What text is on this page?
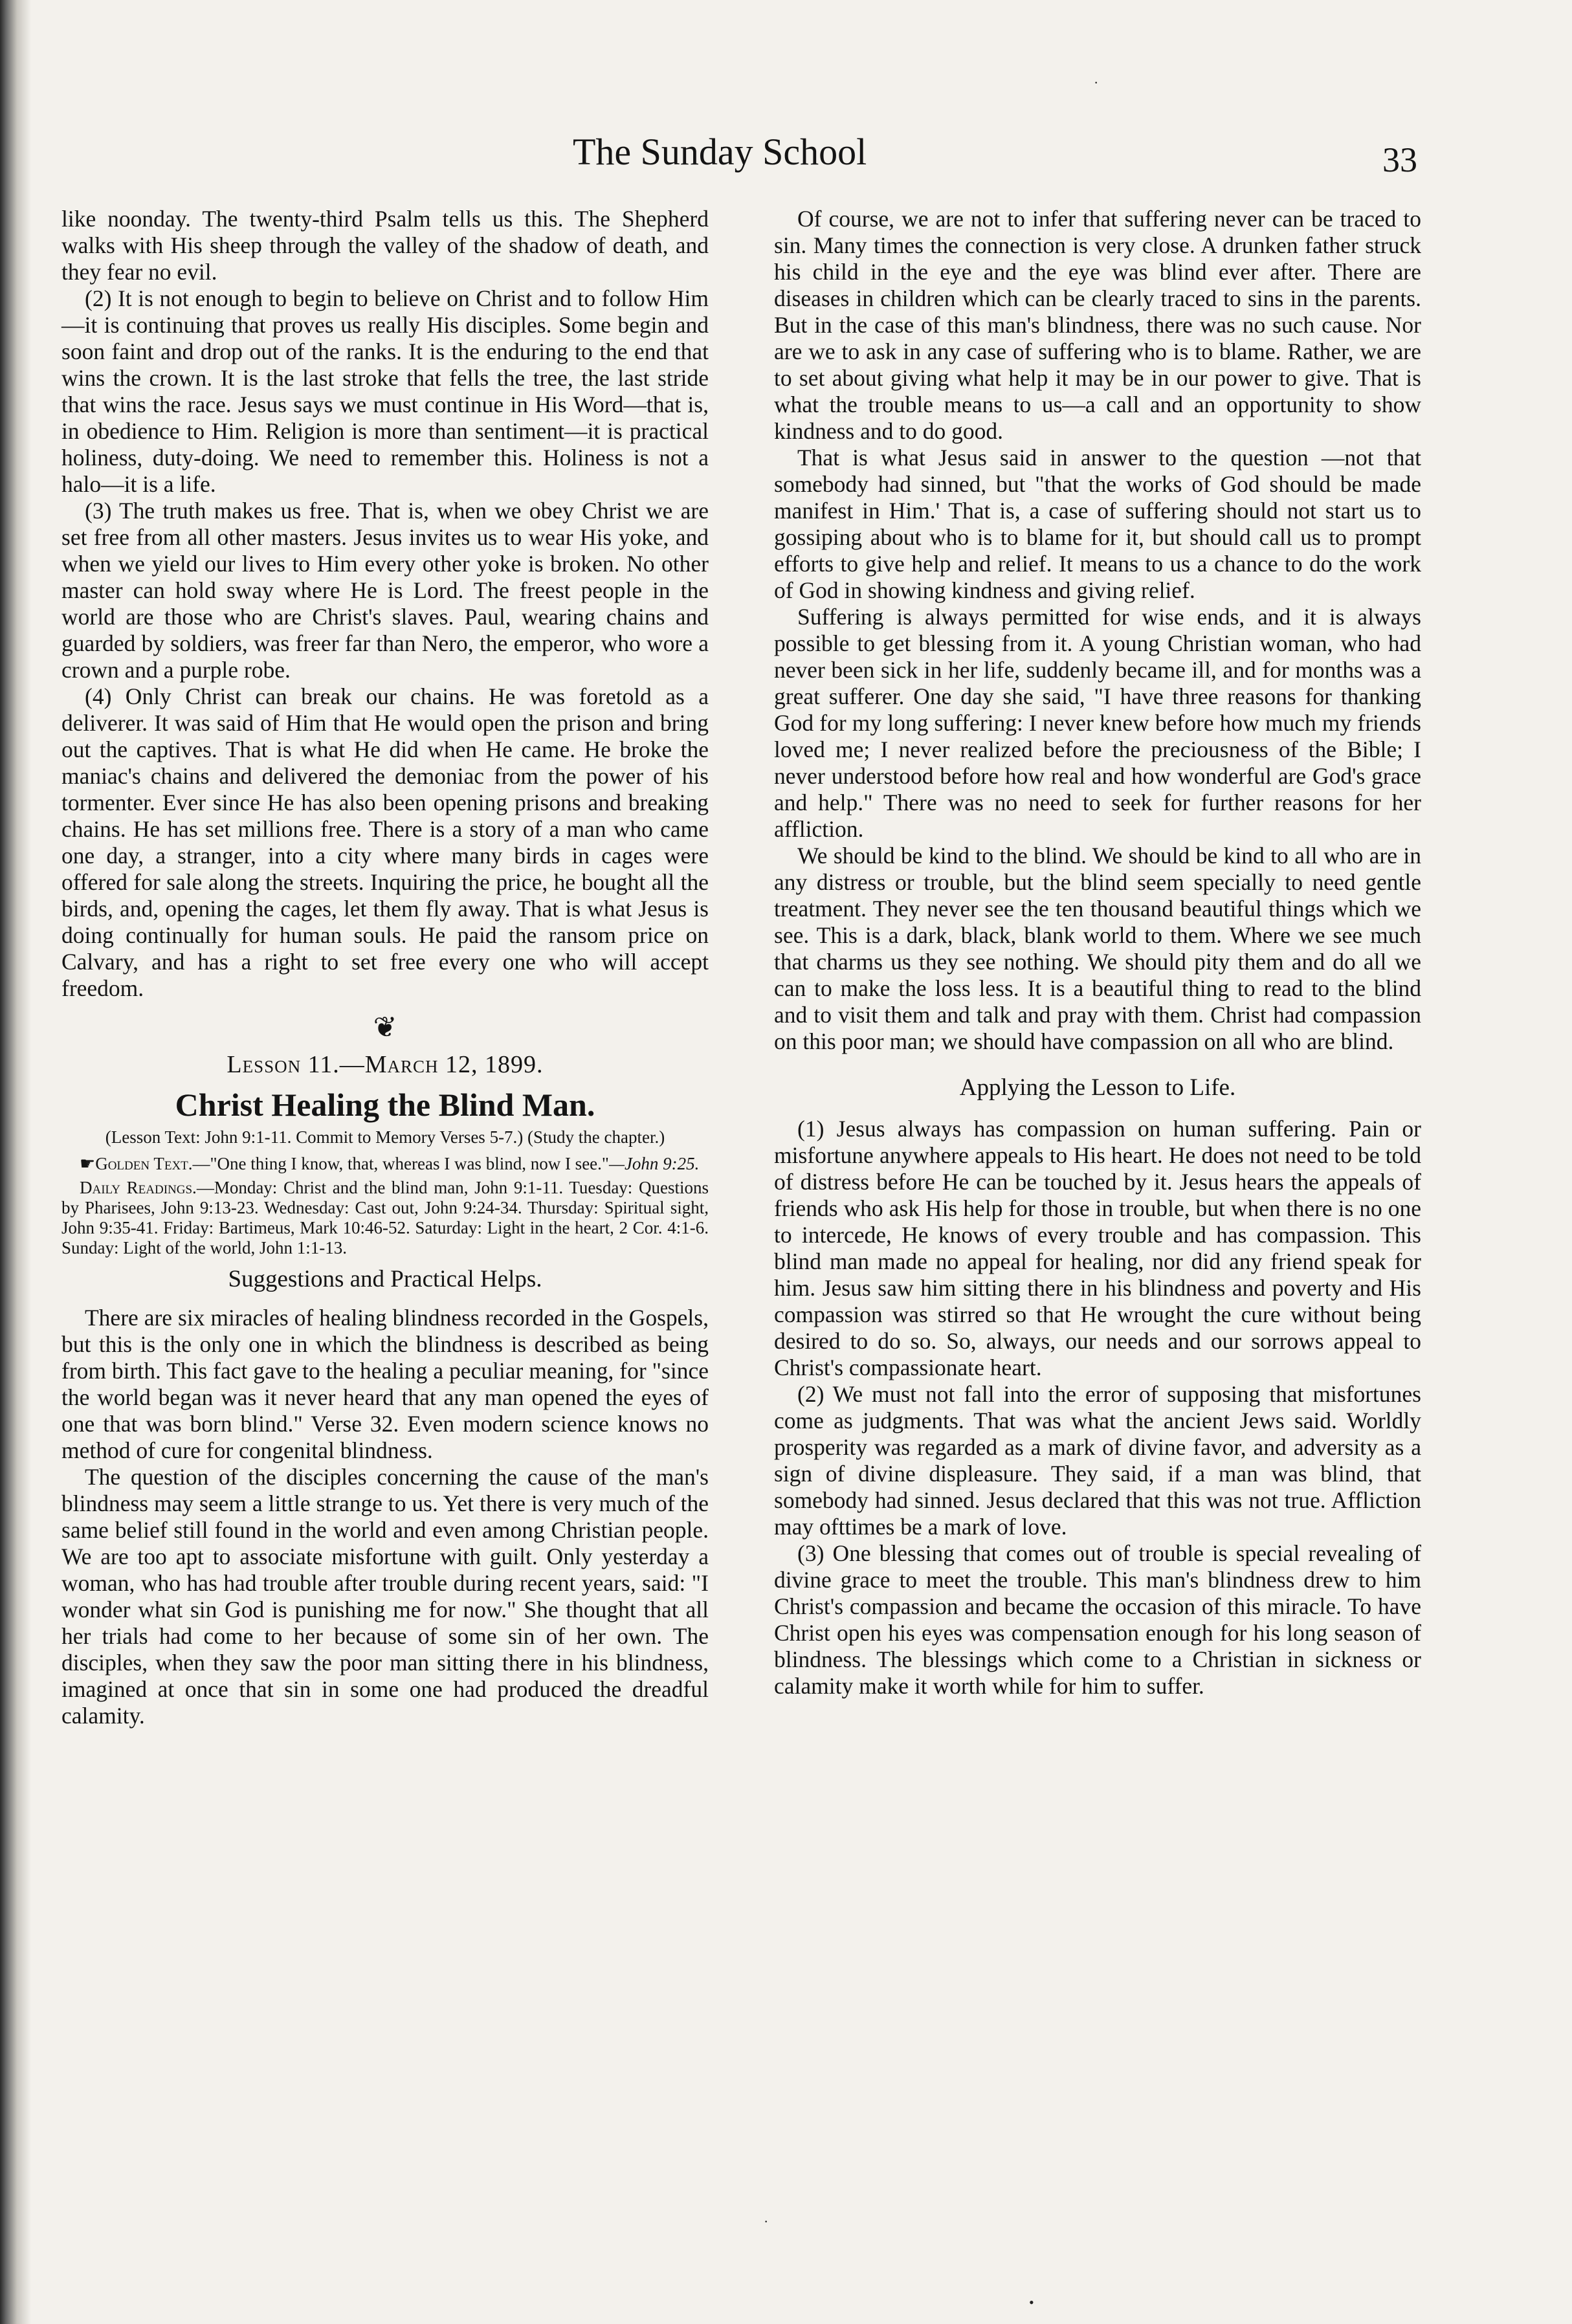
·
•
·
The Sunday School	33

like noonday. The twenty-third Psalm tells us this. The Shepherd walks with His sheep through the valley of the shadow of death, and they fear no evil.

(2) It is not enough to begin to believe on Christ and to follow Him—it is continuing that proves us really His disciples. Some begin and soon faint and drop out of the ranks. It is the enduring to the end that wins the crown. It is the last stroke that fells the tree, the last stride that wins the race. Jesus says we must continue in His Word—that is, in obedience to Him. Religion is more than sentiment—it is practical holiness, duty-doing. We need to remember this. Holiness is not a halo—it is a life.

(3) The truth makes us free. That is, when we obey Christ we are set free from all other masters. Jesus invites us to wear His yoke, and when we yield our lives to Him every other yoke is broken. No other master can hold sway where He is Lord. The freest people in the world are those who are Christ's slaves. Paul, wearing chains and guarded by soldiers, was freer far than Nero, the emperor, who wore a crown and a purple robe.

(4) Only Christ can break our chains. He was foretold as a deliverer. It was said of Him that He would open the prison and bring out the captives. That is what He did when He came. He broke the maniac's chains and delivered the demoniac from the power of his tormenter. Ever since He has also been opening prisons and breaking chains. He has set millions free. There is a story of a man who came one day, a stranger, into a city where many birds in cages were offered for sale along the streets. Inquiring the price, he bought all the birds, and, opening the cages, let them fly away. That is what Jesus is doing continually for human souls. He paid the ransom price on Calvary, and has a right to set free every one who will accept freedom.

❦
Lesson 11.—March 12, 1899.
Christ Healing the Blind Man.

(Lesson Text: John 9:1-11. Commit to Memory Verses 5-7.) (Study the chapter.)

☛Golden Text.—"One thing I know, that, whereas I was blind, now I see."—John 9:25.

Daily Readings.—Monday: Christ and the blind man, John 9:1-11. Tuesday: Questions by Pharisees, John 9:13-23. Wednesday: Cast out, John 9:24-34. Thursday: Spiritual sight, John 9:35-41. Friday: Bartimeus, Mark 10:46-52. Saturday: Light in the heart, 2 Cor. 4:1-6. Sunday: Light of the world, John 1:1-13.

Suggestions and Practical Helps.

There are six miracles of healing blindness recorded in the Gospels, but this is the only one in which the blindness is described as being from birth. This fact gave to the healing a peculiar meaning, for "since the world began was it never heard that any man opened the eyes of one that was born blind." Verse 32. Even modern science knows no method of cure for congenital blindness.

The question of the disciples concerning the cause of the man's blindness may seem a little strange to us. Yet there is very much of the same belief still found in the world and even among Christian people. We are too apt to associate misfortune with guilt. Only yesterday a woman, who has had trouble after trouble during recent years, said: "I wonder what sin God is punishing me for now." She thought that all her trials had come to her because of some sin of her own. The disciples, when they saw the poor man sitting there in his blindness, imagined at once that sin in some one had produced the dreadful calamity.

Of course, we are not to infer that suffering never can be traced to sin. Many times the connection is very close. A drunken father struck his child in the eye and the eye was blind ever after. There are diseases in children which can be clearly traced to sins in the parents. But in the case of this man's blindness, there was no such cause. Nor are we to ask in any case of suffering who is to blame. Rather, we are to set about giving what help it may be in our power to give. That is what the trouble means to us—a call and an opportunity to show kindness and to do good.

That is what Jesus said in answer to the question —not that somebody had sinned, but "that the works of God should be made manifest in Him.' That is, a case of suffering should not start us to gossiping about who is to blame for it, but should call us to prompt efforts to give help and relief. It means to us a chance to do the work of God in showing kindness and giving relief.

Suffering is always permitted for wise ends, and it is always possible to get blessing from it. A young Christian woman, who had never been sick in her life, suddenly became ill, and for months was a great sufferer. One day she said, "I have three reasons for thanking God for my long suffering: I never knew before how much my friends loved me; I never realized before the preciousness of the Bible; I never understood before how real and how wonderful are God's grace and help." There was no need to seek for further reasons for her affliction.

We should be kind to the blind. We should be kind to all who are in any distress or trouble, but the blind seem specially to need gentle treatment. They never see the ten thousand beautiful things which we see. This is a dark, black, blank world to them. Where we see much that charms us they see nothing. We should pity them and do all we can to make the loss less. It is a beautiful thing to read to the blind and to visit them and talk and pray with them. Christ had compassion on this poor man; we should have compassion on all who are blind.

Applying the Lesson to Life.

(1) Jesus always has compassion on human suffering. Pain or misfortune anywhere appeals to His heart. He does not need to be told of distress before He can be touched by it. Jesus hears the appeals of friends who ask His help for those in trouble, but when there is no one to intercede, He knows of every trouble and has compassion. This blind man made no appeal for healing, nor did any friend speak for him. Jesus saw him sitting there in his blindness and poverty and His compassion was stirred so that He wrought the cure without being desired to do so. So, always, our needs and our sorrows appeal to Christ's compassionate heart.

(2) We must not fall into the error of supposing that misfortunes come as judgments. That was what the ancient Jews said. Worldly prosperity was regarded as a mark of divine favor, and adversity as a sign of divine displeasure. They said, if a man was blind, that somebody had sinned. Jesus declared that this was not true. Affliction may ofttimes be a mark of love.

(3) One blessing that comes out of trouble is special revealing of divine grace to meet the trouble. This man's blindness drew to him Christ's compassion and became the occasion of this miracle. To have Christ open his eyes was compensation enough for his long season of blindness. The blessings which come to a Christian in sickness or calamity make it worth while for him to suffer.
